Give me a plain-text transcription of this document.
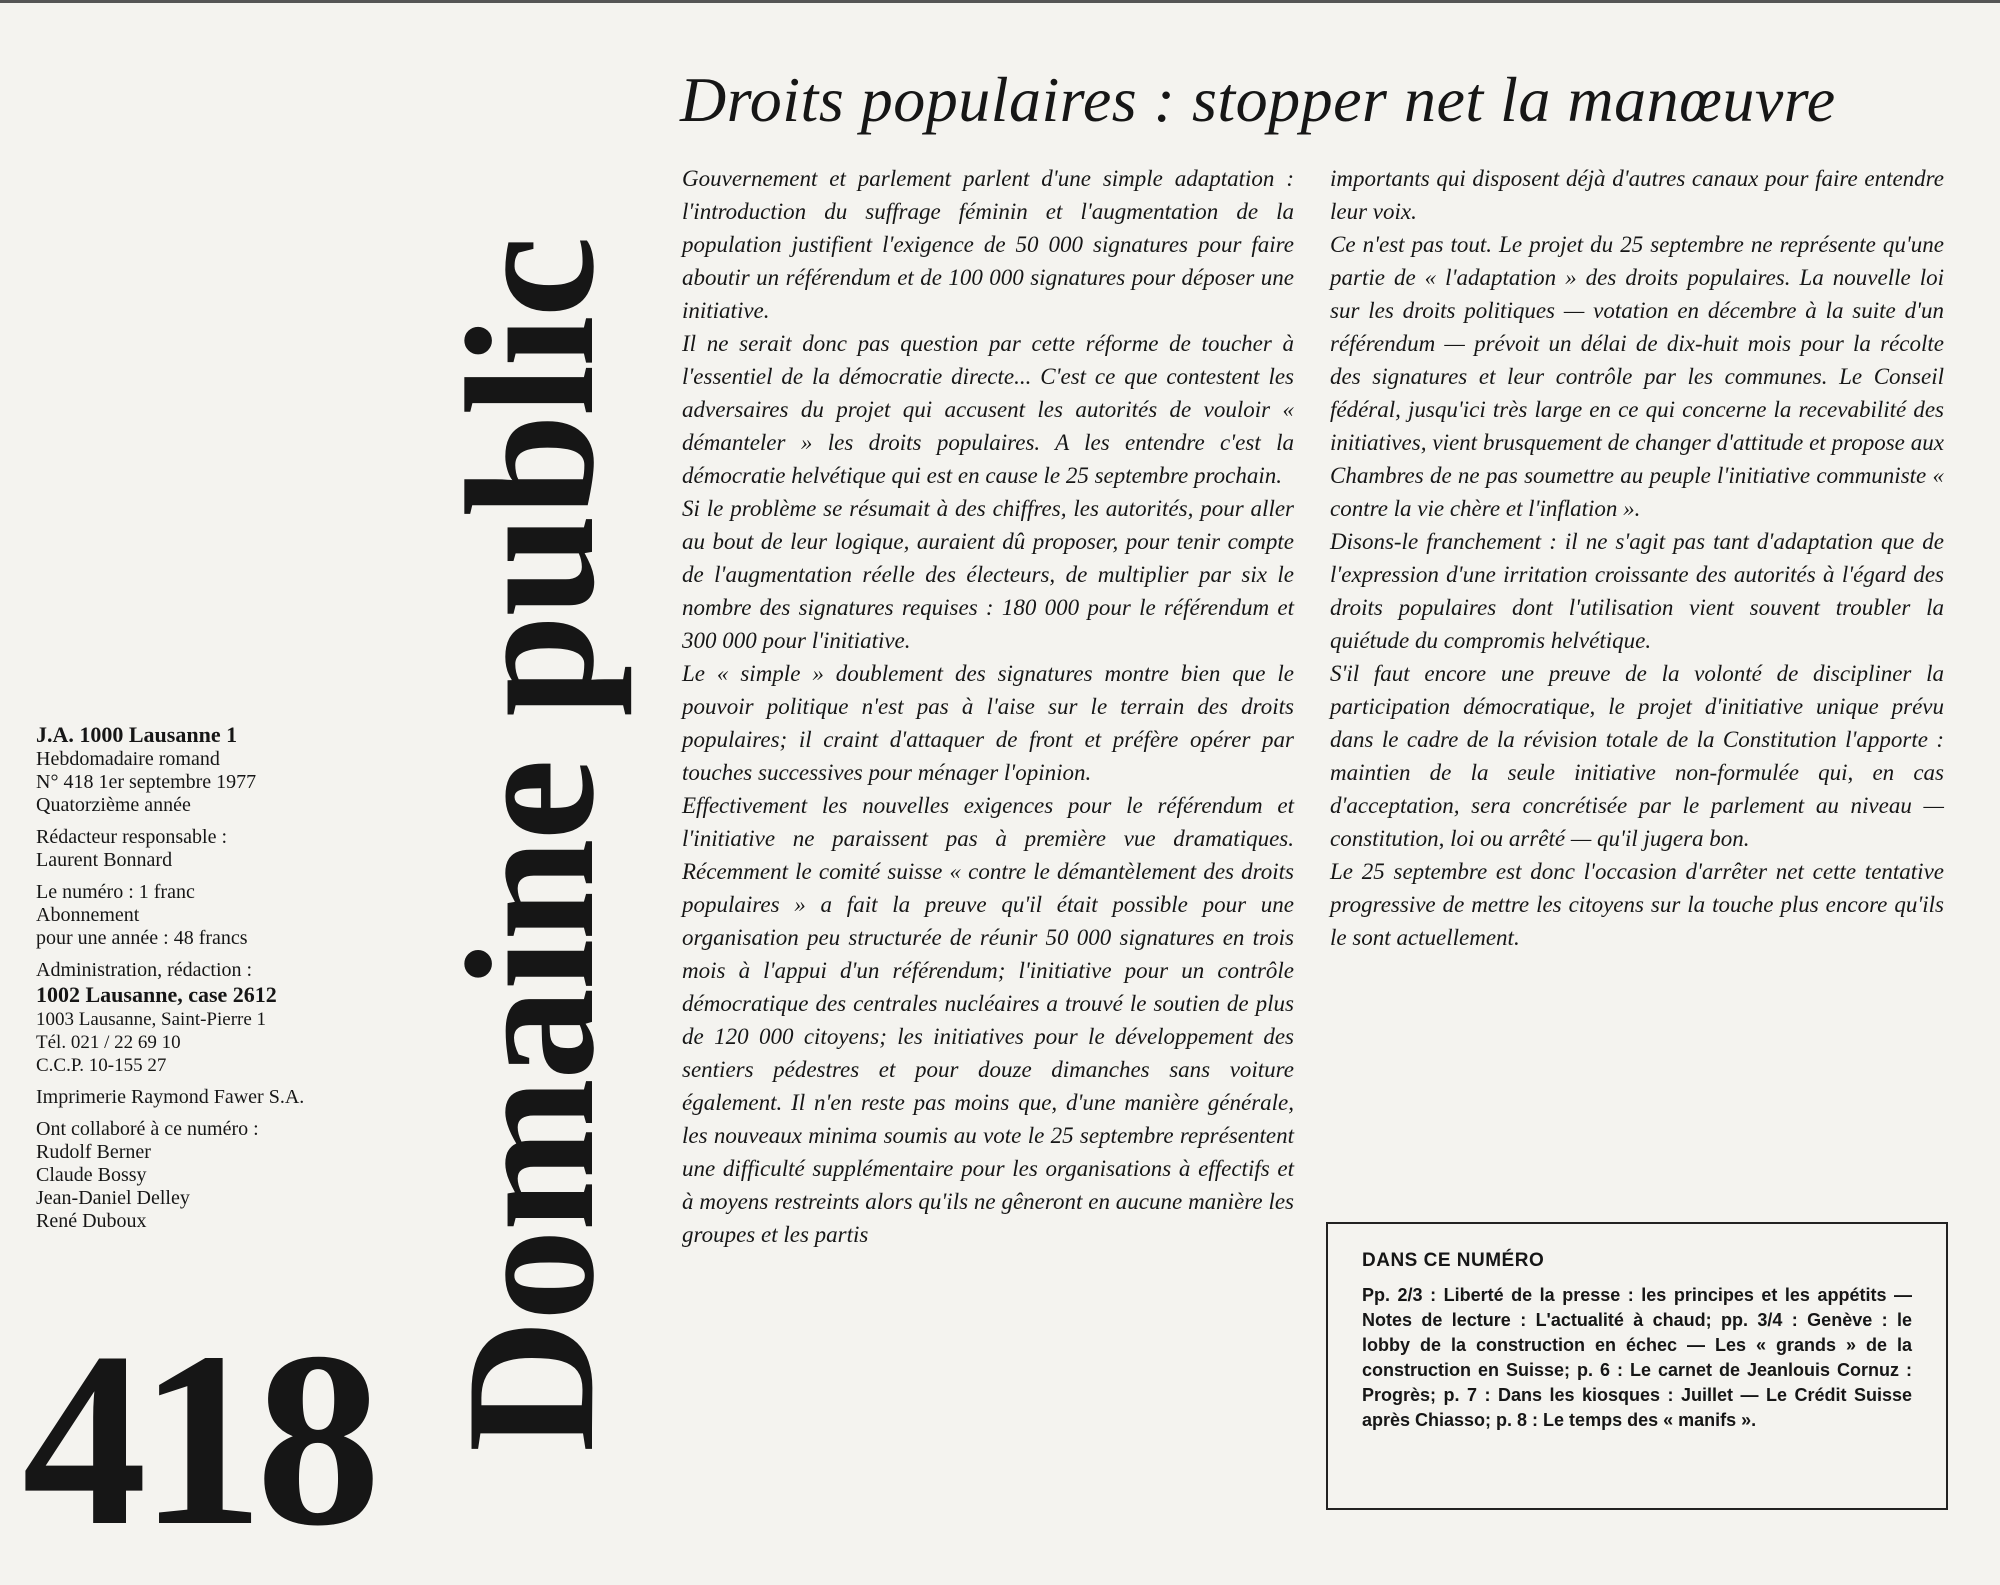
Droits populaires : stopper net la manœuvre
Domaine public
J.A. 1000 Lausanne 1
Hebdomadaire romand
N° 418 1er septembre 1977
Quatorzième année
Rédacteur responsable :
Laurent Bonnard
Le numéro : 1 franc
Abonnement
pour une année : 48 francs
Administration, rédaction :
1002 Lausanne, case 2612
1003 Lausanne, Saint-Pierre 1
Tél. 021 / 22 69 10
C.C.P. 10-155 27
Imprimerie Raymond Fawer S.A.
Ont collaboré à ce numéro :
Rudolf Berner
Claude Bossy
Jean-Daniel Delley
René Duboux
418

Gouvernement et parlement parlent d'une simple adaptation : l'introduction du suffrage féminin et l'augmentation de la population justifient l'exigence de 50 000 signatures pour faire aboutir un référendum et de 100 000 signatures pour déposer une initiative.

Il ne serait donc pas question par cette réforme de toucher à l'essentiel de la démocratie directe... C'est ce que contestent les adversaires du projet qui accusent les autorités de vouloir « démanteler » les droits populaires. A les entendre c'est la démocratie helvétique qui est en cause le 25 septembre prochain.

Si le problème se résumait à des chiffres, les autorités, pour aller au bout de leur logique, auraient dû proposer, pour tenir compte de l'augmentation réelle des électeurs, de multiplier par six le nombre des signatures requises : 180 000 pour le référendum et 300 000 pour l'initiative.

Le « simple » doublement des signatures montre bien que le pouvoir politique n'est pas à l'aise sur le terrain des droits populaires; il craint d'attaquer de front et préfère opérer par touches successives pour ménager l'opinion.

Effectivement les nouvelles exigences pour le référendum et l'initiative ne paraissent pas à première vue dramatiques. Récemment le comité suisse « contre le démantèlement des droits populaires » a fait la preuve qu'il était possible pour une organisation peu structurée de réunir 50 000 signatures en trois mois à l'appui d'un référendum; l'initiative pour un contrôle démocratique des centrales nucléaires a trouvé le soutien de plus de 120 000 citoyens; les initiatives pour le développement des sentiers pédestres et pour douze dimanches sans voiture également. Il n'en reste pas moins que, d'une manière générale, les nouveaux minima soumis au vote le 25 septembre représentent une difficulté supplémentaire pour les organisations à effectifs et à moyens restreints alors qu'ils ne gêneront en aucune manière les groupes et les partis

importants qui disposent déjà d'autres canaux pour faire entendre leur voix.

Ce n'est pas tout. Le projet du 25 septembre ne représente qu'une partie de « l'adaptation » des droits populaires. La nouvelle loi sur les droits politiques — votation en décembre à la suite d'un référendum — prévoit un délai de dix-huit mois pour la récolte des signatures et leur contrôle par les communes. Le Conseil fédéral, jusqu'ici très large en ce qui concerne la recevabilité des initiatives, vient brusquement de changer d'attitude et propose aux Chambres de ne pas soumettre au peuple l'initiative communiste « contre la vie chère et l'inflation ».

Disons-le franchement : il ne s'agit pas tant d'adaptation que de l'expression d'une irritation croissante des autorités à l'égard des droits populaires dont l'utilisation vient souvent troubler la quiétude du compromis helvétique.

S'il faut encore une preuve de la volonté de discipliner la participation démocratique, le projet d'initiative unique prévu dans le cadre de la révision totale de la Constitution l'apporte : maintien de la seule initiative non-formulée qui, en cas d'acceptation, sera concrétisée par le parlement au niveau — constitution, loi ou arrêté — qu'il jugera bon.

Le 25 septembre est donc l'occasion d'arrêter net cette tentative progressive de mettre les citoyens sur la touche plus encore qu'ils le sont actuellement.

DANS CE NUMÉRO
Pp. 2/3 : Liberté de la presse : les principes et les appétits — Notes de lecture : L'actualité à chaud; pp. 3/4 : Genève : le lobby de la construction en échec — Les « grands » de la construction en Suisse; p. 6 : Le carnet de Jeanlouis Cornuz : Progrès; p. 7 : Dans les kiosques : Juillet — Le Crédit Suisse après Chiasso; p. 8 : Le temps des « manifs ».
